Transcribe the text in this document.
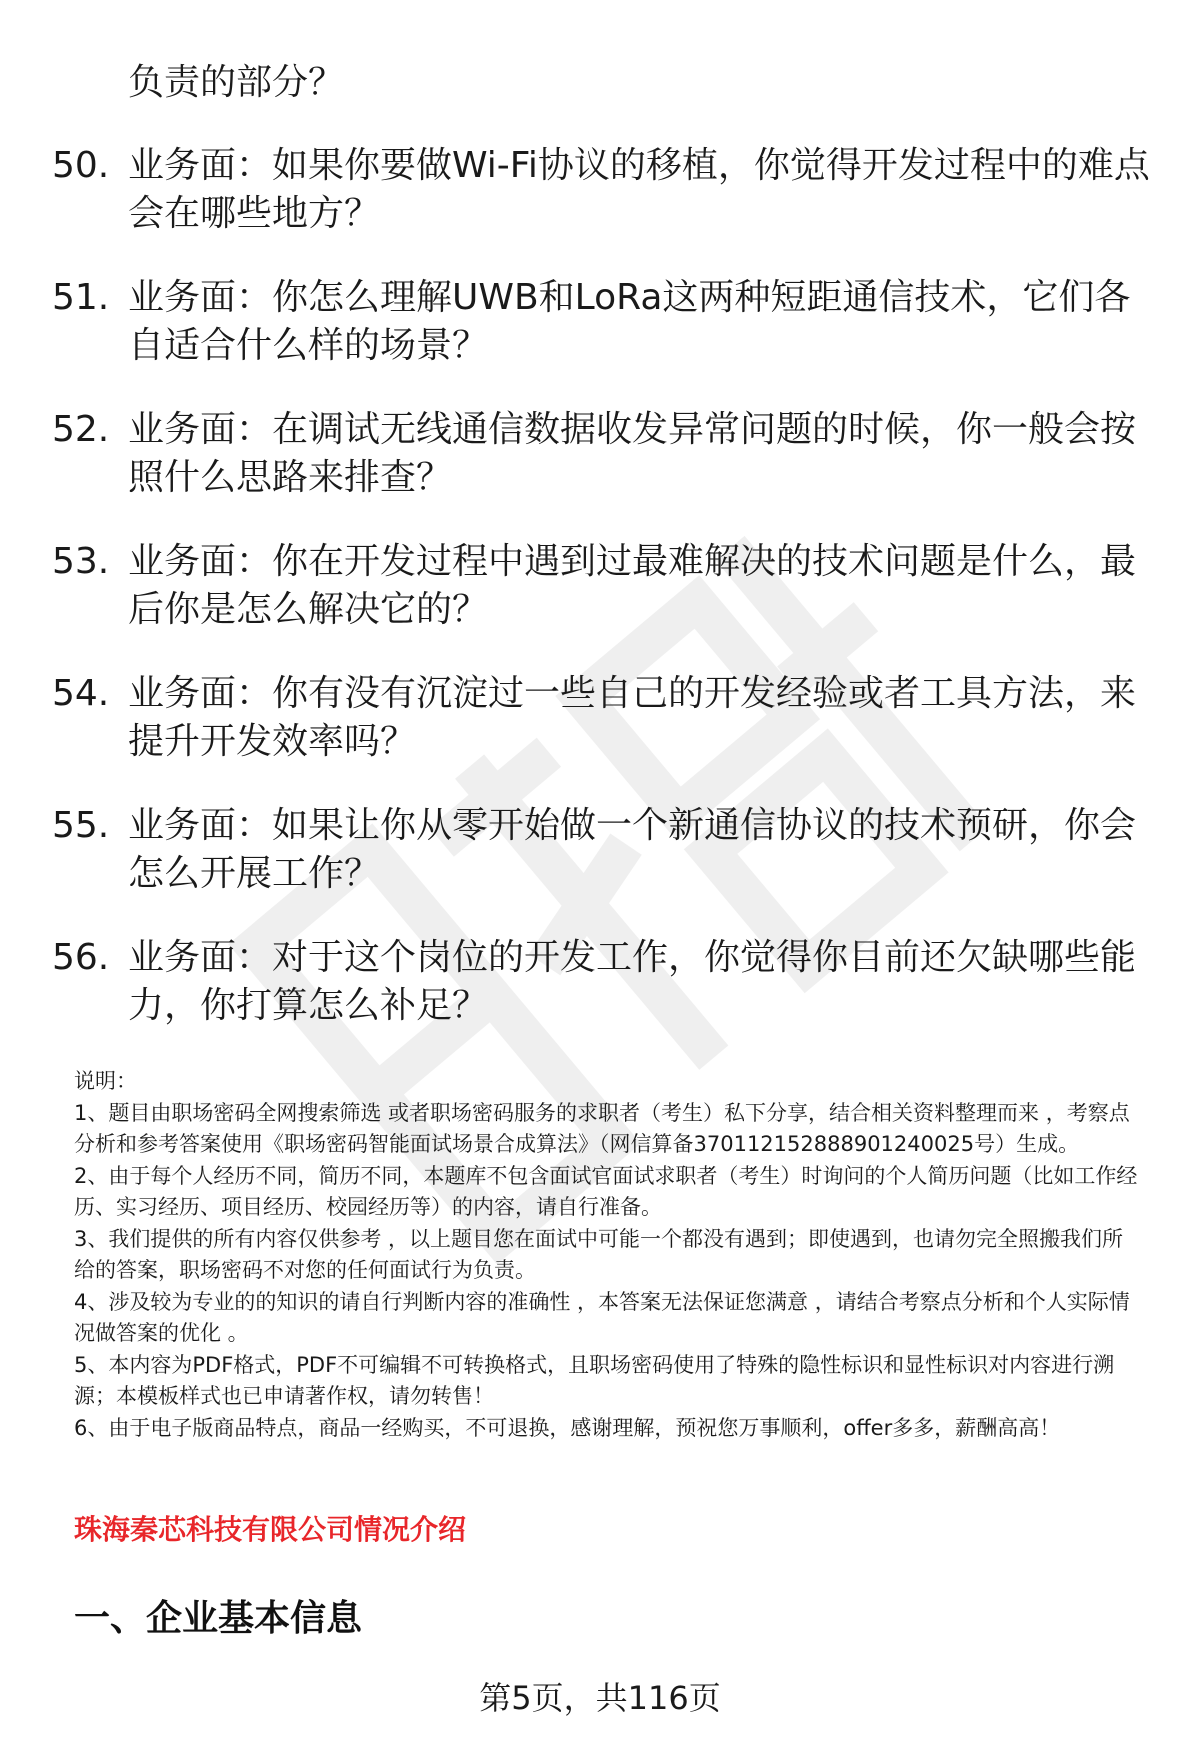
负责的部分？

50. 业务面：如果你要做Wi-Fi协议的移植，你觉得开发过程中的难点会在哪些地方？
51. 业务面：你怎么理解UWB和LoRa这两种短距通信技术，它们各自适合什么样的场景？
52. 业务面：在调试无线通信数据收发异常问题的时候，你一般会按照什么思路来排查？
53. 业务面：你在开发过程中遇到过最难解决的技术问题是什么，最后你是怎么解决它的？
54. 业务面：你有没有沉淀过一些自己的开发经验或者工具方法，来提升开发效率吗？
55. 业务面：如果让你从零开始做一个新通信协议的技术预研，你会怎么开展工作？
56. 业务面：对于这个岗位的开发工作，你觉得你目前还欠缺哪些能力，你打算怎么补足？

说明：

1、题目由职场密码全网搜索筛选 或者职场密码服务的求职者（考生）私下分享，结合相关资料整理而来 ，考察点分析和参考答案使用《职场密码智能面试场景合成算法》（网信算备370112152888901240025号）生成。

2、由于每个人经历不同，简历不同，本题库不包含面试官面试求职者（考生）时询问的个人简历问题（比如工作经历、实习经历、项目经历、校园经历等）的内容，请自行准备。

3、我们提供的所有内容仅供参考 ，以上题目您在面试中可能一个都没有遇到；即使遇到，也请勿完全照搬我们所给的答案，职场密码不对您的任何面试行为负责。

4、涉及较为专业的的知识的请自行判断内容的准确性 ，本答案无法保证您满意 ，请结合考察点分析和个人实际情况做答案的优化 。

5、本内容为PDF格式，PDF不可编辑不可转换格式，且职场密码使用了特殊的隐性标识和显性标识对内容进行溯源；本模板样式也已申请著作权，请勿转售！

6、由于电子版商品特点，商品一经购买，不可退换，感谢理解，预祝您万事顺利，offer多多，薪酬高高！

珠海秦芯科技有限公司情况介绍
一、企业基本信息
第5页，共116页
